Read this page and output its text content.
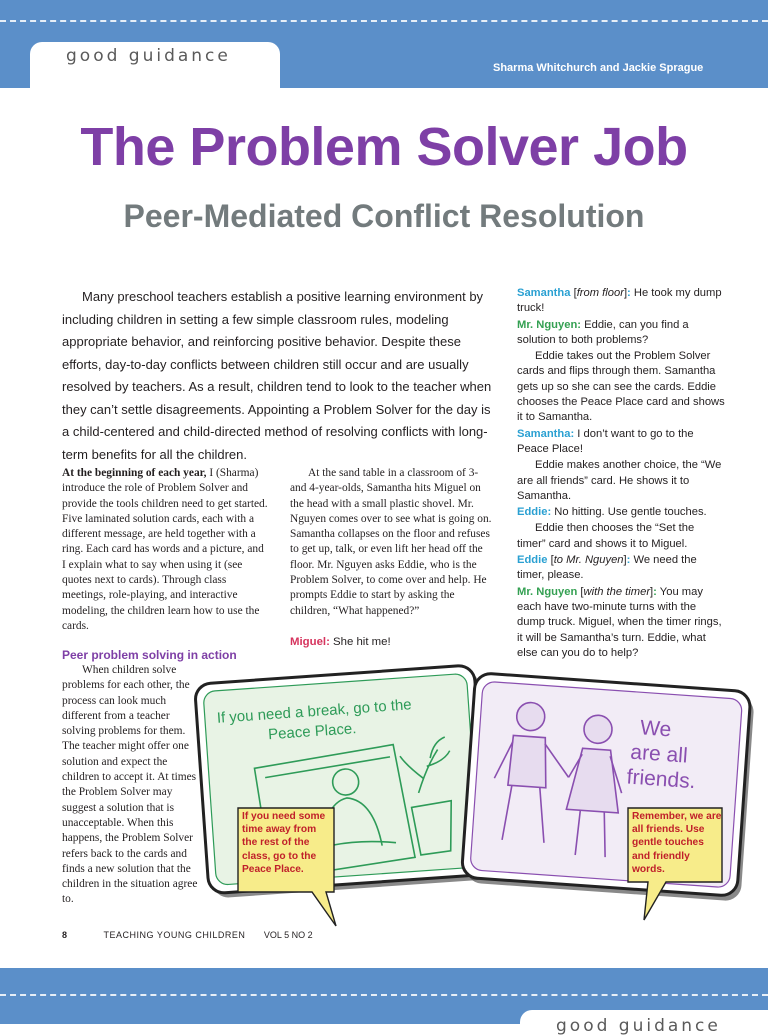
good guidance
Sharma Whitchurch and Jackie Sprague
The Problem Solver Job
Peer-Mediated Conflict Resolution

Many preschool teachers establish a positive learning environment by including children in setting a few simple classroom rules, modeling appropriate behavior, and reinforcing positive behavior. Despite these efforts, day-to-day conflicts between children still occur and are usually resolved by teachers. As a result, children tend to look to the teacher when they can’t settle disagreements. Appointing a Problem Solver for the day is a child-centered and child-directed method of resolving conflicts with long-term benefits for all the children.

At the beginning of each year, I (Sharma) introduce the role of Problem Solver and provide the tools children need to get started. Five laminated solution cards, each with a different message, are held together with a ring. Each card has words and a picture, and I explain what to say when using it (see quotes next to cards). Through class meetings, role-playing, and interactive modeling, the children learn how to use the cards.
Peer problem solving in action

When children solve problems for each other, the process can look much different from a teacher solving problems for them. The teacher might offer one solution and expect the children to accept it. At times the Problem Solver may suggest a solution that is unacceptable. When this happens, the Problem Solver refers back to the cards and finds a new solution that the children in the situation agree to.

At the sand table in a classroom of 3- and 4-year-olds, Samantha hits Miguel on the head with a small plastic shovel. Mr. Nguyen comes over to see what is going on. Samantha collapses on the floor and refuses to get up, talk, or even lift her head off the floor. Mr. Nguyen asks Eddie, who is the Problem Solver, to come over and help. He prompts Eddie to start by asking the children, “What happened?”

Miguel: She hit me!
Samantha [from floor]: He took my dump truck!
Mr. Nguyen: Eddie, can you find a solution to both problems?
Eddie takes out the Problem Solver cards and flips through them. Samantha gets up so she can see the cards. Eddie chooses the Peace Place card and shows it to Samantha.
Samantha: I don’t want to go to the Peace Place!
Eddie makes another choice, the “We are all friends” card. He shows it to Samantha.
Eddie: No hitting. Use gentle touches.
Eddie then chooses the “Set the timer” card and shows it to Miguel.
Eddie [to Mr. Nguyen]: We need the timer, please.
Mr. Nguyen [with the timer]: You may each have two-minute turns with the dump truck. Miguel, when the timer rings, it will be Samantha’s turn. Eddie, what else can you do to help?
If you need a break, go to the
Peace Place.	We
are all
friends.
If you need some time away from the rest of the class, go to the Peace Place.
Remember, we are all friends. Use gentle touches and friendly words.
8	TEACHING YOUNG CHILDREN VOL 5 NO 2
good guidance
